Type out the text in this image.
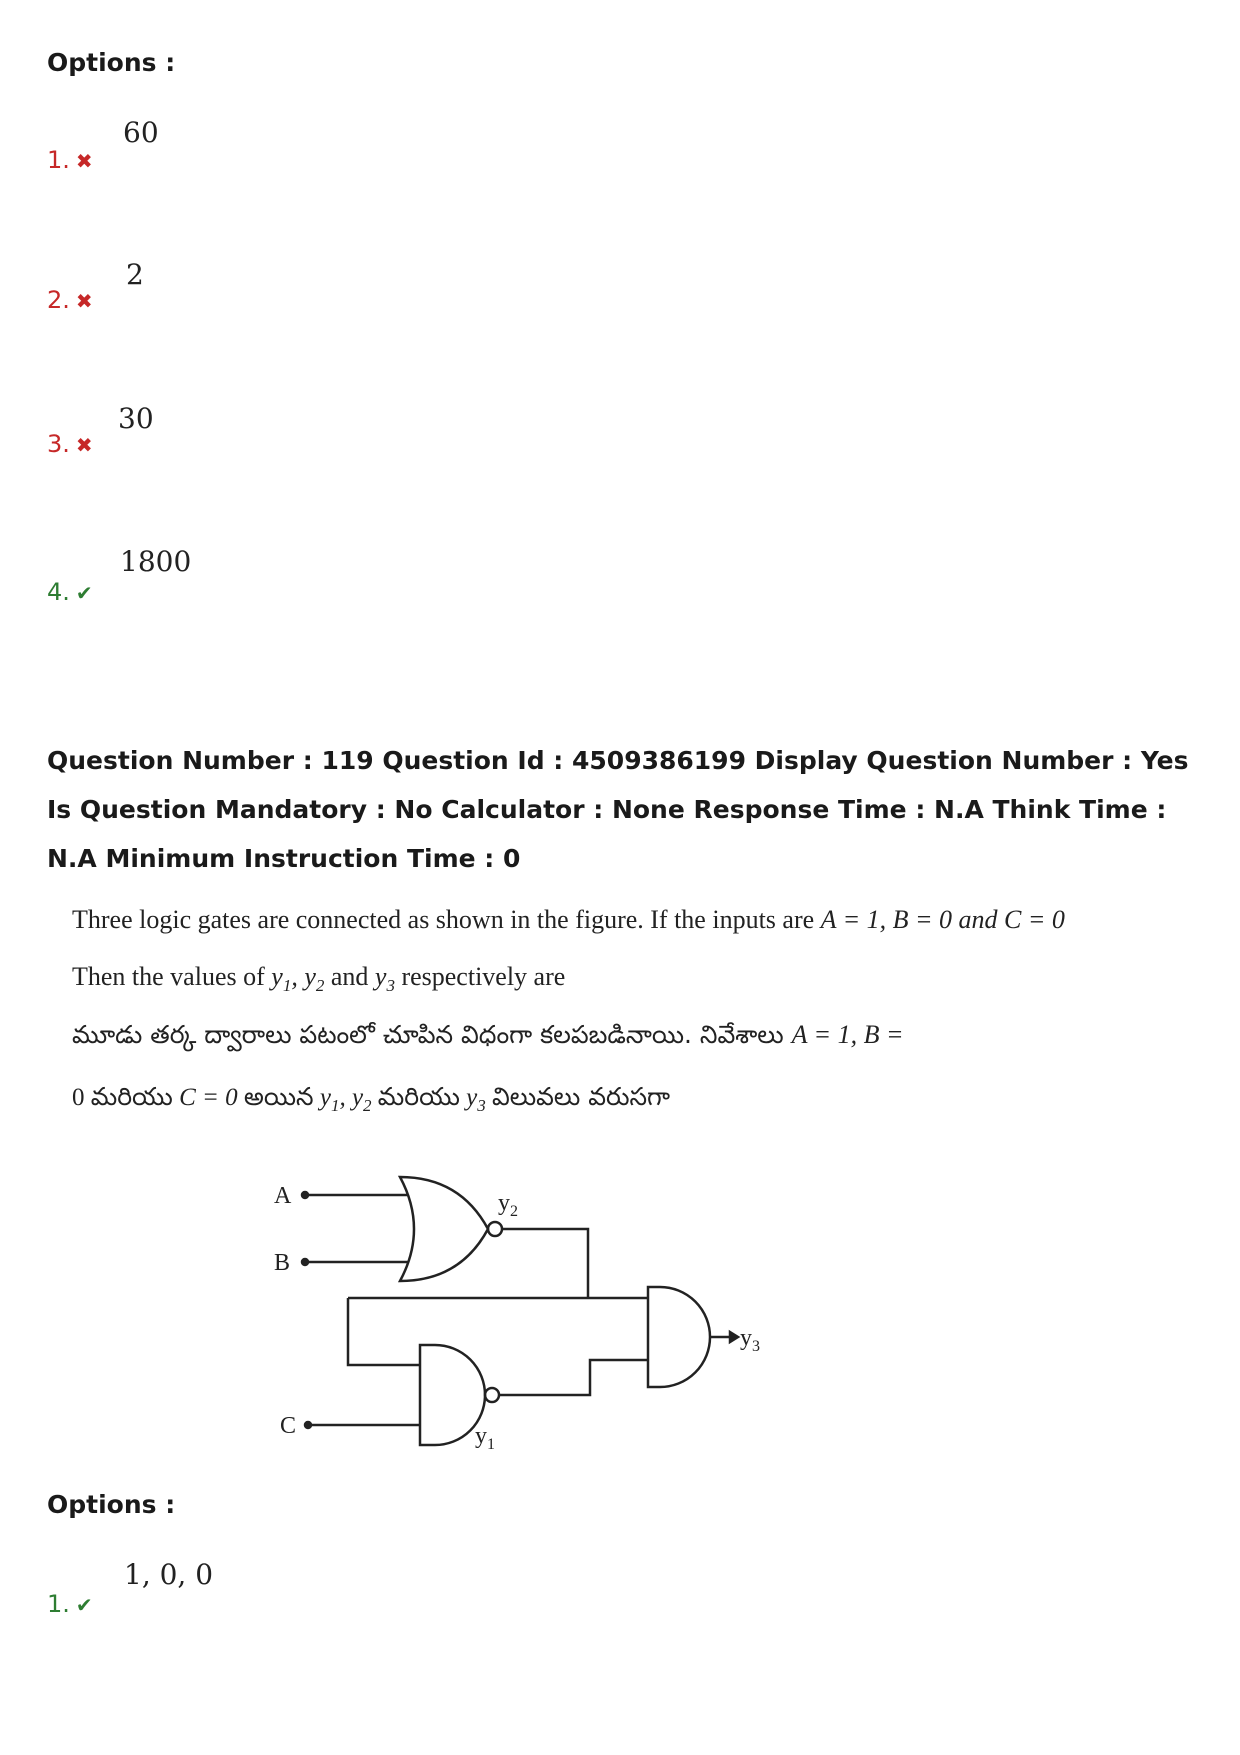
Options :
1. ✖
60
2. ✖
2
3. ✖
30
4. ✔
1800
Question Number : 119 Question Id : 4509386199 Display Question Number : Yes Is Question Mandatory : No Calculator : None Response Time : N.A Think Time : N.A Minimum Instruction Time : 0
Three logic gates are connected as shown in the figure. If the inputs are A = 1, B = 0 and C = 0
Then the values of $y_1$, $y_2$ and $y_3$ respectively are
మూడు తర్క ద్వారాలు పటంలో చూపిన విధంగా కలపబడినాయి. నివేశాలు A = 1, B =
0 మరియు C = 0 అయిన $y_1$, $y_2$ మరియు $y_3$ విలువలు వరుసగా
A
B
C	$y_1$
$y_2$
$y_3$
Options :
1. ✔
1, 0, 0
